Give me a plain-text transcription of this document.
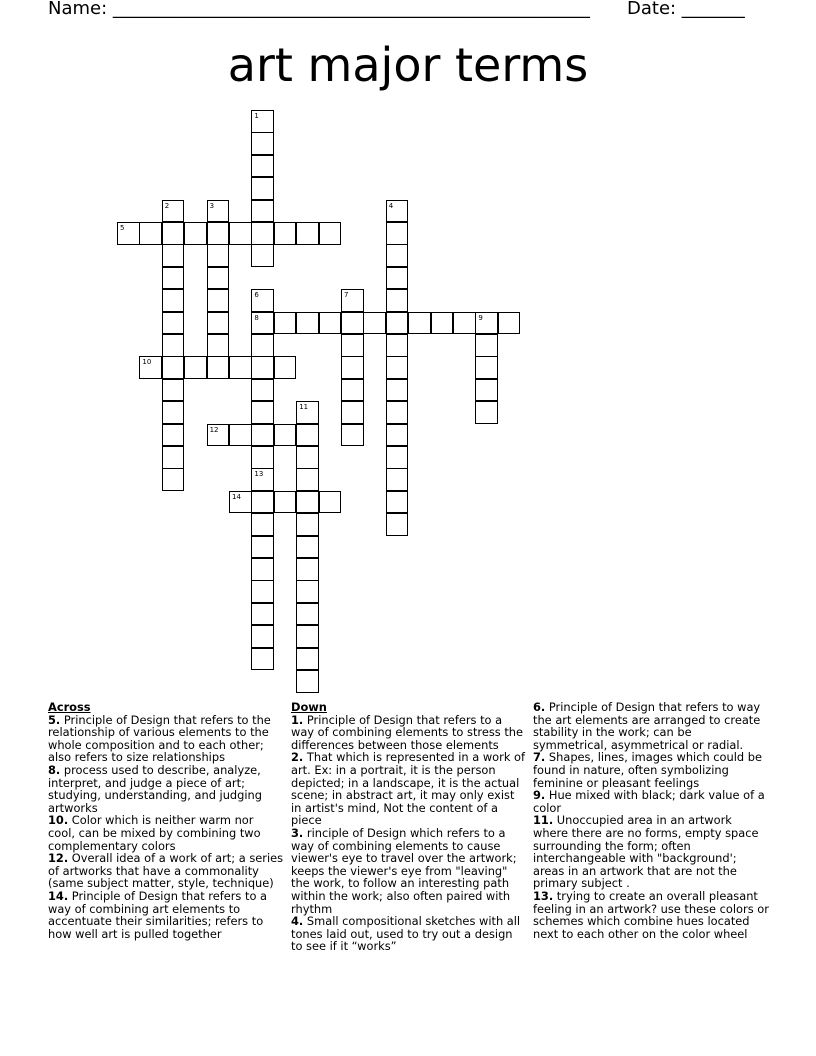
Name: _____________________________________________________ Date: _______
art major terms
1
2	3	4
5
6
8
13
7
9
10
11
12
14
Across
5. Principle of Design that refers to the relationship of various elements to the whole composition and to each other; also refers to size relationships
8. process used to describe, analyze, interpret, and judge a piece of art; studying, understanding, and judging artworks
10. Color which is neither warm nor cool, can be mixed by combining two complementary colors
12. Overall idea of a work of art; a series of artworks that have a commonality (same subject matter, style, technique)
14. Principle of Design that refers to a way of combining art elements to accentuate their similarities; refers to how well art is pulled together
Down
1. Principle of Design that refers to a way of combining elements to stress the differences between those elements
2. That which is represented in a work of art. Ex: in a portrait, it is the person depicted; in a landscape, it is the actual scene; in abstract art, it may only exist in artist's mind, Not the content of a piece
3. rinciple of Design which refers to a way of combining elements to cause viewer's eye to travel over the artwork; keeps the viewer's eye from "leaving" the work, to follow an interesting path within the work; also often paired with rhythm
4. Small compositional sketches with all tones laid out, used to try out a design to see if it “works”
6. Principle of Design that refers to way the art elements are arranged to create stability in the work; can be symmetrical, asymmetrical or radial.
7. Shapes, lines, images which could be found in nature, often symbolizing feminine or pleasant feelings
9. Hue mixed with black; dark value of a color
11. Unoccupied area in an artwork where there are no forms, empty space surrounding the form; often interchangeable with "background'; areas in an artwork that are not the primary subject .
13. trying to create an overall pleasant feeling in an artwork? use these colors or schemes which combine hues located next to each other on the color wheel
